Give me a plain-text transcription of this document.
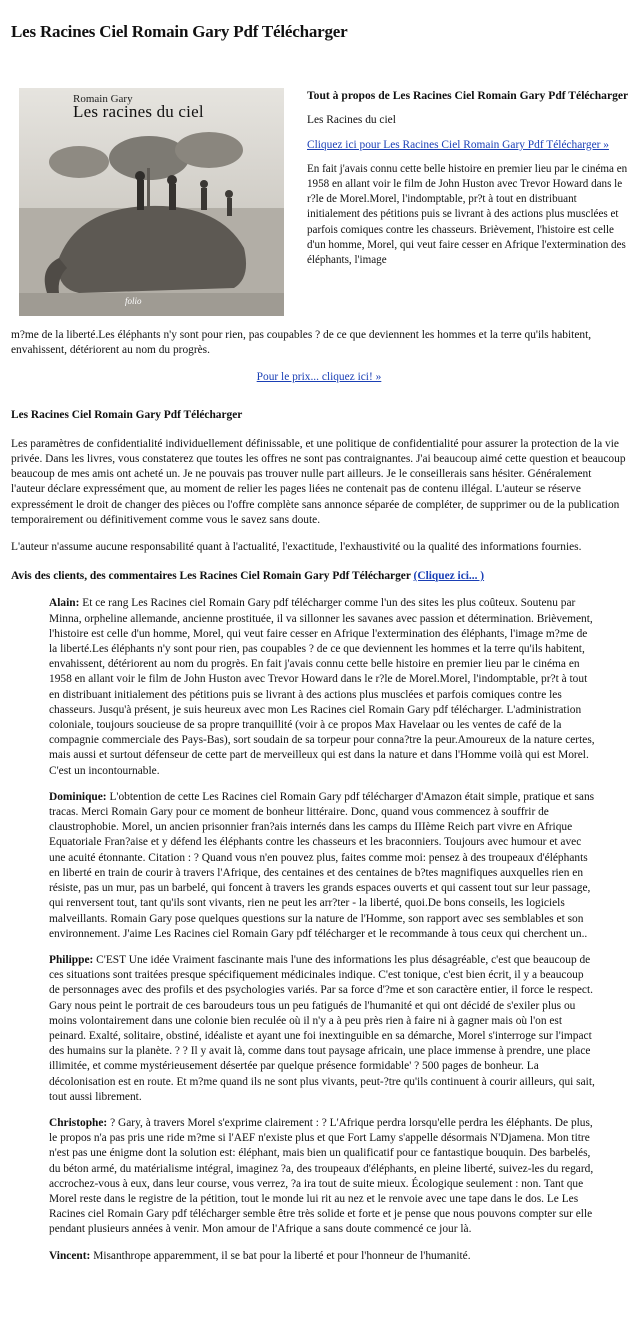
Les Racines Ciel Romain Gary Pdf Télécharger
Romain Gary
Les racines du ciel
folio
Tout à propos de Les Racines Ciel Romain Gary Pdf Télécharger

Les Racines du ciel

Cliquez ici pour Les Racines Ciel Romain Gary Pdf Télécharger »

En fait j'avais connu cette belle histoire en premier lieu par le cinéma en 1958 en allant voir le film de John Huston avec Trevor Howard dans le r?le de Morel.Morel, l'indomptable, pr?t à tout en distribuant initialement des pétitions puis se livrant à des actions plus musclées et parfois comiques contre les chasseurs. Brièvement, l'histoire est celle d'un homme, Morel, qui veut faire cesser en Afrique l'extermination des éléphants, l'image

m?me de la liberté.Les éléphants n'y sont pour rien, pas coupables ? de ce que deviennent les hommes et la terre qu'ils habitent, envahissent, détériorent au nom du progrès.

Pour le prix... cliquez ici! »

Les Racines Ciel Romain Gary Pdf Télécharger

Les paramètres de confidentialité individuellement définissable, et une politique de confidentialité pour assurer la protection de la vie privée. Dans les livres, vous constaterez que toutes les offres ne sont pas contraignantes. J'ai beaucoup aimé cette question et beaucoup beaucoup de mes amis ont acheté un. Je ne pouvais pas trouver nulle part ailleurs. Je le conseillerais sans hésiter. Généralement l'auteur déclare expressément que, au moment de relier les pages liées ne contenait pas de contenu illégal. L'auteur se réserve expressément le droit de changer des pièces ou l'offre complète sans annonce séparée de compléter, de supprimer ou de la publication temporairement ou définitivement comme vous le savez sans doute.

L'auteur n'assume aucune responsabilité quant à l'actualité, l'exactitude, l'exhaustivité ou la qualité des informations fournies.

Avis des clients, des commentaires Les Racines Ciel Romain Gary Pdf Télécharger (Cliquez ici... )

Alain: Et ce rang Les Racines ciel Romain Gary pdf télécharger comme l'un des sites les plus coûteux. Soutenu par Minna, orpheline allemande, ancienne prostituée, il va sillonner les savanes avec passion et détermination. Brièvement, l'histoire est celle d'un homme, Morel, qui veut faire cesser en Afrique l'extermination des éléphants, l'image m?me de la liberté.Les éléphants n'y sont pour rien, pas coupables ? de ce que deviennent les hommes et la terre qu'ils habitent, envahissent, détériorent au nom du progrès. En fait j'avais connu cette belle histoire en premier lieu par le cinéma en 1958 en allant voir le film de John Huston avec Trevor Howard dans le r?le de Morel.Morel, l'indomptable, pr?t à tout en distribuant initialement des pétitions puis se livrant à des actions plus musclées et parfois comiques contre les chasseurs. Jusqu'à présent, je suis heureux avec mon Les Racines ciel Romain Gary pdf télécharger. L'administration coloniale, toujours soucieuse de sa propre tranquillité (voir à ce propos Max Havelaar ou les ventes de café de la compagnie commerciale des Pays-Bas), sort soudain de sa torpeur pour conna?tre la peur.Amoureux de la nature certes, mais aussi et surtout défenseur de cette part de merveilleux qui est dans la nature et dans l'Homme voilà qui est Morel. C'est un incontournable.
Dominique: L'obtention de cette Les Racines ciel Romain Gary pdf télécharger d'Amazon était simple, pratique et sans tracas. Merci Romain Gary pour ce moment de bonheur littéraire. Donc, quand vous commencez à souffrir de claustrophobie. Morel, un ancien prisonnier fran?ais internés dans les camps du IIIème Reich part vivre en Afrique Equatoriale Fran?aise et y défend les éléphants contre les chasseurs et les braconniers. Toujours avec humour et avec une acuité étonnante. Citation : ? Quand vous n'en pouvez plus, faites comme moi: pensez à des troupeaux d'éléphants en liberté en train de courir à travers l'Afrique, des centaines et des centaines de b?tes magnifiques auxquelles rien en résiste, pas un mur, pas un barbelé, qui foncent à travers les grands espaces ouverts et qui cassent tout sur leur passage, qui renversent tout, tant qu'ils sont vivants, rien ne peut les arr?ter - la liberté, quoi.De bons conseils, les logiciels malveillants. Romain Gary pose quelques questions sur la nature de l'Homme, son rapport avec ses semblables et son environnement. J'aime Les Racines ciel Romain Gary pdf télécharger et le recommande à tous ceux qui cherchent un..
Philippe: C'EST Une idée Vraiment fascinante mais l'une des informations les plus désagréable, c'est que beaucoup de ces situations sont traitées presque spécifiquement médicinales indique. C'est tonique, c'est bien écrit, il y a beaucoup de personnages avec des profils et des psychologies variés. Par sa force d'?me et son caractère entier, il force le respect. Gary nous peint le portrait de ces baroudeurs tous un peu fatigués de l'humanité et qui ont décidé de s'exiler plus ou moins volontairement dans une colonie bien reculée où il n'y a à peu près rien à faire ni à gagner mais où l'on est peinard. Exalté, solitaire, obstiné, idéaliste et ayant une foi inextinguible en sa démarche, Morel s'interroge sur l'impact des humains sur la planète. ? ? Il y avait là, comme dans tout paysage africain, une place immense à prendre, une place illimitée, et comme mystérieusement désertée par quelque présence formidable' ? 500 pages de bonheur. La décolonisation est en route. Et m?me quand ils ne sont plus vivants, peut-?tre qu'ils continuent à courir ailleurs, qui sait, tout aussi librement.
Christophe: ? Gary, à travers Morel s'exprime clairement : ? L'Afrique perdra lorsqu'elle perdra les éléphants. De plus, le propos n'a pas pris une ride m?me si l'AEF n'existe plus et que Fort Lamy s'appelle désormais N'Djamena. Mon titre n'est pas une énigme dont la solution est: éléphant, mais bien un qualificatif pour ce fantastique bouquin. Des barbelés, du béton armé, du matérialisme intégral, imaginez ?a, des troupeaux d'éléphants, en pleine liberté, suivez-les du regard, accrochez-vous à eux, dans leur course, vous verrez, ?a ira tout de suite mieux. Écologique seulement : non. Tant que Morel reste dans le registre de la pétition, tout le monde lui rit au nez et le renvoie avec une tape dans le dos. Le Les Racines ciel Romain Gary pdf télécharger semble être très solide et forte et je pense que nous pouvons compter sur elle pendant plusieurs années à venir. Mon amour de l'Afrique a sans doute commencé ce jour là.
Vincent: Misanthrope apparemment, il se bat pour la liberté et pour l'honneur de l'humanité.
